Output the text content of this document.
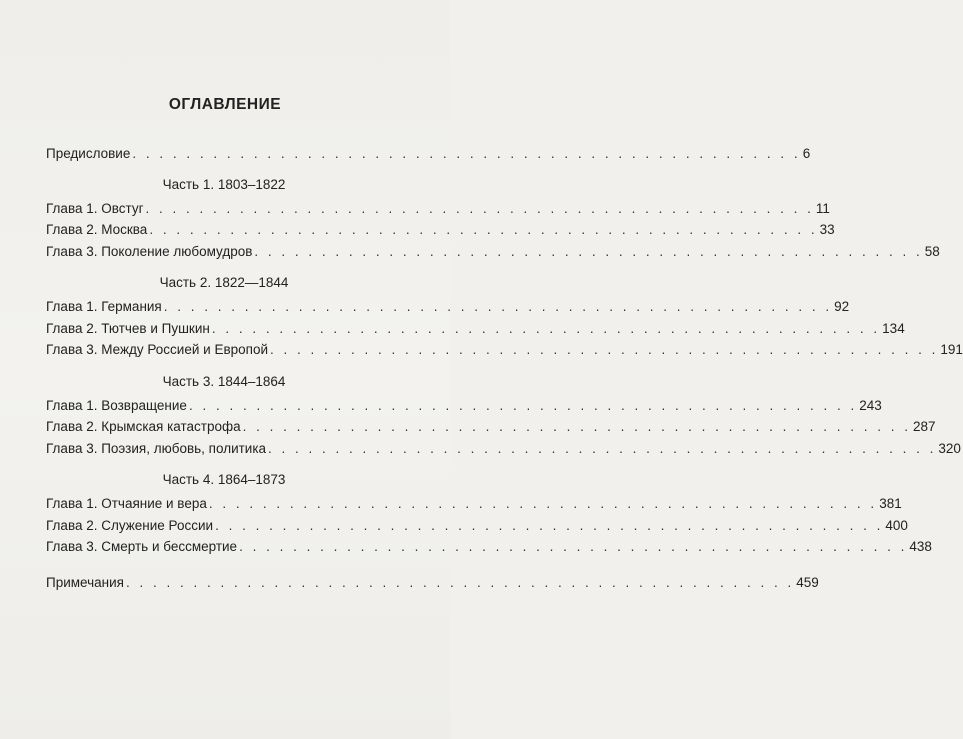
ОГЛАВЛЕНИЕ
Предисловие . . . . . . . . . . . . . . . . . . . . . . . . . . . . . . . . . . . . . . . . . . . . . . . . . . 6
Часть 1. 1803–1822
Глава 1. Овстуг . . . . . . . . . . . . . . . . . . . . . . . . . . . . . . . . . . . . . . . . . . . . . . . . . . 11
Глава 2. Москва . . . . . . . . . . . . . . . . . . . . . . . . . . . . . . . . . . . . . . . . . . . . . . . . . . 33
Глава 3. Поколение любомудров . . . . . . . . . . . . . . . . . . . . . . . . . . . . . . . . . . . . . . . . . . . . . . . . . . 58
Часть 2. 1822—1844
Глава 1. Германия . . . . . . . . . . . . . . . . . . . . . . . . . . . . . . . . . . . . . . . . . . . . . . . . . . 92
Глава 2. Тютчев и Пушкин . . . . . . . . . . . . . . . . . . . . . . . . . . . . . . . . . . . . . . . . . . . . . . . . . . 134
Глава 3. Между Россией и Европой . . . . . . . . . . . . . . . . . . . . . . . . . . . . . . . . . . . . . . . . . . . . . . . . . . 191
Часть 3. 1844–1864
Глава 1. Возвращение . . . . . . . . . . . . . . . . . . . . . . . . . . . . . . . . . . . . . . . . . . . . . . . . . . 243
Глава 2. Крымская катастрофа . . . . . . . . . . . . . . . . . . . . . . . . . . . . . . . . . . . . . . . . . . . . . . . . . . 287
Глава 3. Поэзия, любовь, политика . . . . . . . . . . . . . . . . . . . . . . . . . . . . . . . . . . . . . . . . . . . . . . . . . . 320
Часть 4. 1864–1873
Глава 1. Отчаяние и вера . . . . . . . . . . . . . . . . . . . . . . . . . . . . . . . . . . . . . . . . . . . . . . . . . . 381
Глава 2. Служение России . . . . . . . . . . . . . . . . . . . . . . . . . . . . . . . . . . . . . . . . . . . . . . . . . . 400
Глава 3. Смерть и бессмертие . . . . . . . . . . . . . . . . . . . . . . . . . . . . . . . . . . . . . . . . . . . . . . . . . . 438
Примечания . . . . . . . . . . . . . . . . . . . . . . . . . . . . . . . . . . . . . . . . . . . . . . . . . . 459
